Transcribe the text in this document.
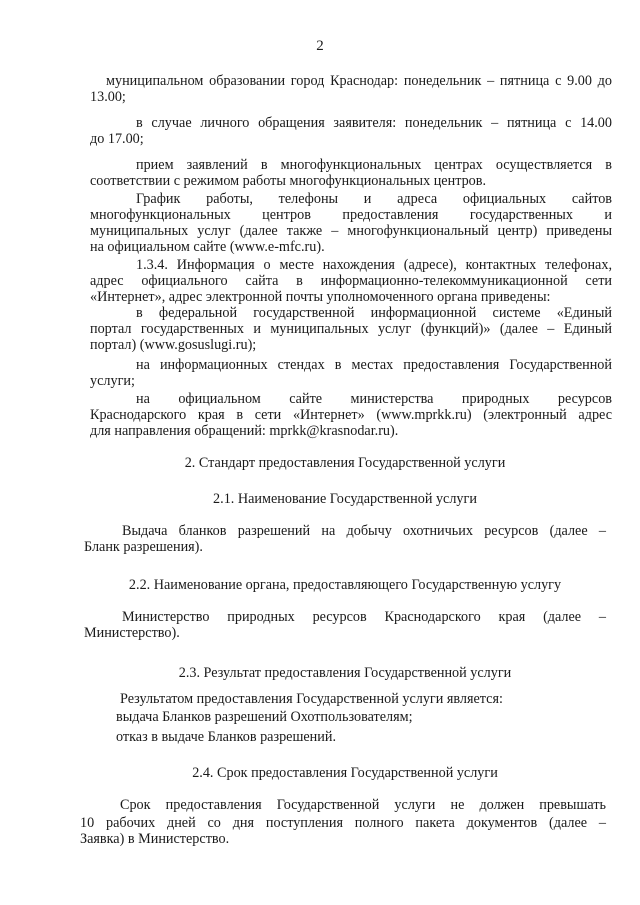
2
муниципальном образовании город Краснодар: понедельник – пятница с 9.00 до
13.00;
в случае личного обращения заявителя: понедельник – пятница с 14.00
до 17.00;
прием заявлений в многофункциональных центрах осуществляется в
соответствии с режимом работы многофункциональных центров.
График работы, телефоны и адреса официальных сайтов
многофункциональных центров предоставления государственных и
муниципальных услуг (далее также – многофункциональный центр) приведены
на официальном сайте (www.e-mfc.ru).
1.3.4. Информация о месте нахождения (адресе), контактных телефонах,
адрес официального сайта в информационно-телекоммуникационной сети
«Интернет», адрес электронной почты уполномоченного органа приведены:
в федеральной государственной информационной системе «Единый
портал государственных и муниципальных услуг (функций)» (далее – Единый
портал) (www.gosuslugi.ru);
на информационных стендах в местах предоставления Государственной
услуги;
на официальном сайте министерства природных ресурсов
Краснодарского края в сети «Интернет» (www.mprkk.ru) (электронный адрес
для направления обращений: mprkk@krasnodar.ru).
2. Стандарт предоставления Государственной услуги
2.1. Наименование Государственной услуги
Выдача бланков разрешений на добычу охотничьих ресурсов (далее –
Бланк разрешения).
2.2. Наименование органа, предоставляющего Государственную услугу
Министерство природных ресурсов Краснодарского края (далее –
Министерство).
2.3. Результат предоставления Государственной услуги
Результатом предоставления Государственной услуги является:
выдача Бланков разрешений Охотпользователям;
отказ в выдаче Бланков разрешений.
2.4. Срок предоставления Государственной услуги
Срок предоставления Государственной услуги не должен превышать
10 рабочих дней со дня поступления полного пакета документов (далее –
Заявка) в Министерство.
